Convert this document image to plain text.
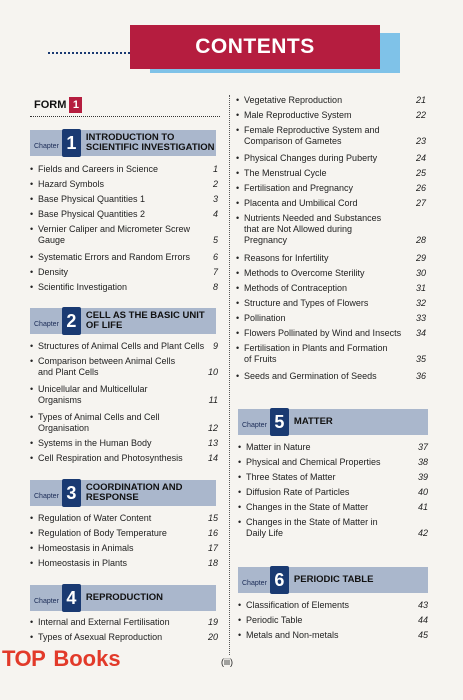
CONTENTS
FORM 1
Chapter 1	INTRODUCTION TO
SCIENTIFIC INVESTIGATION
• Fields and Careers in Science	1
• Hazard Symbols	2
• Base Physical Quantities 1	3
• Base Physical Quantities 2	4
• Vernier Caliper and Micrometer Screw
Gauge	5
• Systematic Errors and Random Errors	6
• Density	7
• Scientific Investigation	8
Chapter 2	CELL AS THE BASIC UNIT
OF LIFE
• Structures of Animal Cells and Plant Cells 9
• Comparison between Animal Cells
and Plant Cells	10
• Unicellular and Multicellular
Organisms	11
• Types of Animal Cells and Cell
Organisation	12
• Systems in the Human Body	13
• Cell Respiration and Photosynthesis	14
Chapter 3	COORDINATION AND
RESPONSE
• Regulation of Water Content	15
• Regulation of Body Temperature	16
• Homeostasis in Animals	17
• Homeostasis in Plants	18
Chapter 4	REPRODUCTION
• Internal and External Fertilisation	19
• Types of Asexual Reproduction	20
• Vegetative Reproduction	21
• Male Reproductive System	22
• Female Reproductive System and
Comparison of Gametes	23
• Physical Changes during Puberty	24
• The Menstrual Cycle	25
• Fertilisation and Pregnancy	26
• Placenta and Umbilical Cord	27
• Nutrients Needed and Substances
that are Not Allowed during
Pregnancy	28
• Reasons for Infertility	29
• Methods to Overcome Sterility	30
• Methods of Contraception	31
• Structure and Types of Flowers	32
• Pollination	33
• Flowers Pollinated by Wind and Insects 34
• Fertilisation in Plants and Formation
of Fruits	35
• Seeds and Germination of Seeds	36
Chapter 5	MATTER
• Matter in Nature	37
• Physical and Chemical Properties	38
• Three States of Matter	39
• Diffusion Rate of Particles	40
• Changes in the State of Matter	41
• Changes in the State of Matter in
Daily Life	42
Chapter 6	PERIODIC TABLE
• Classification of Elements	43
• Periodic Table	44
• Metals and Non-metals	45
(iii)
TOP Books
